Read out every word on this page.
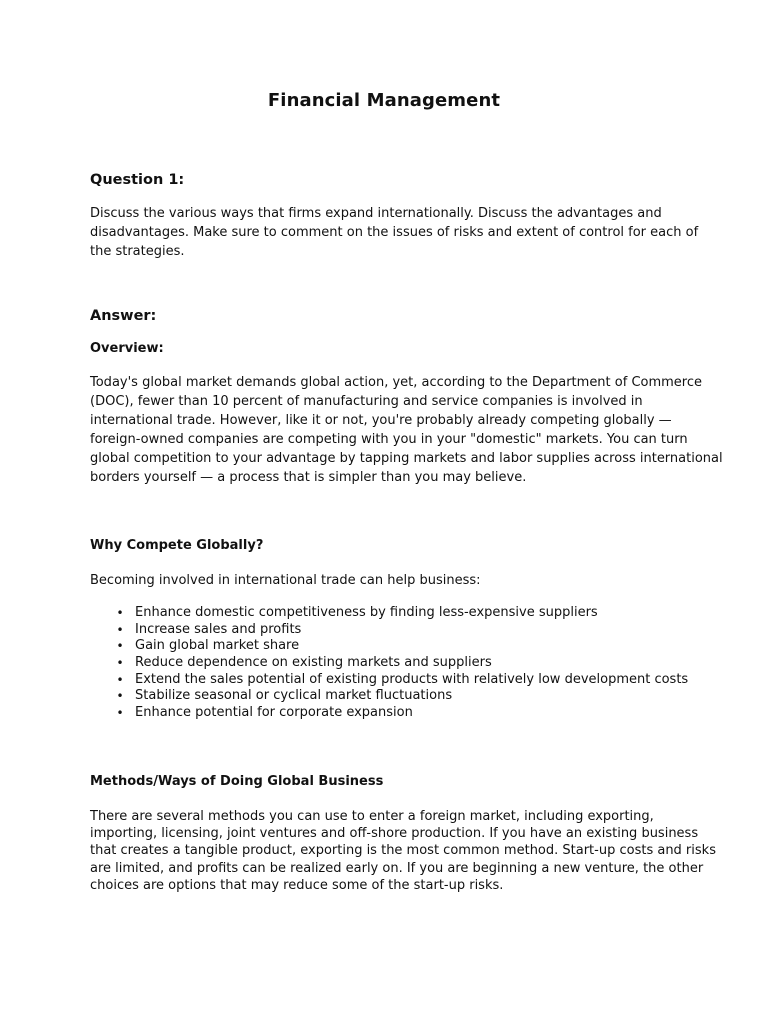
Financial Management
Question 1:
Discuss the various ways that firms expand internationally. Discuss the advantages and
disadvantages. Make sure to comment on the issues of risks and extent of control for each of
the strategies.
Answer:
Overview:
Today's global market demands global action, yet, according to the Department of Commerce
(DOC), fewer than 10 percent of manufacturing and service companies is involved in
international trade. However, like it or not, you're probably already competing globally —
foreign-owned companies are competing with you in your "domestic" markets. You can turn
global competition to your advantage by tapping markets and labor supplies across international
borders yourself — a process that is simpler than you may believe.
Why Compete Globally?
Becoming involved in international trade can help business:
• Enhance domestic competitiveness by finding less-expensive suppliers
• Increase sales and profits
• Gain global market share
• Reduce dependence on existing markets and suppliers
• Extend the sales potential of existing products with relatively low development costs
• Stabilize seasonal or cyclical market fluctuations
• Enhance potential for corporate expansion
Methods/Ways of Doing Global Business
There are several methods you can use to enter a foreign market, including exporting,
importing, licensing, joint ventures and off-shore production. If you have an existing business
that creates a tangible product, exporting is the most common method. Start-up costs and risks
are limited, and profits can be realized early on. If you are beginning a new venture, the other
choices are options that may reduce some of the start-up risks.
